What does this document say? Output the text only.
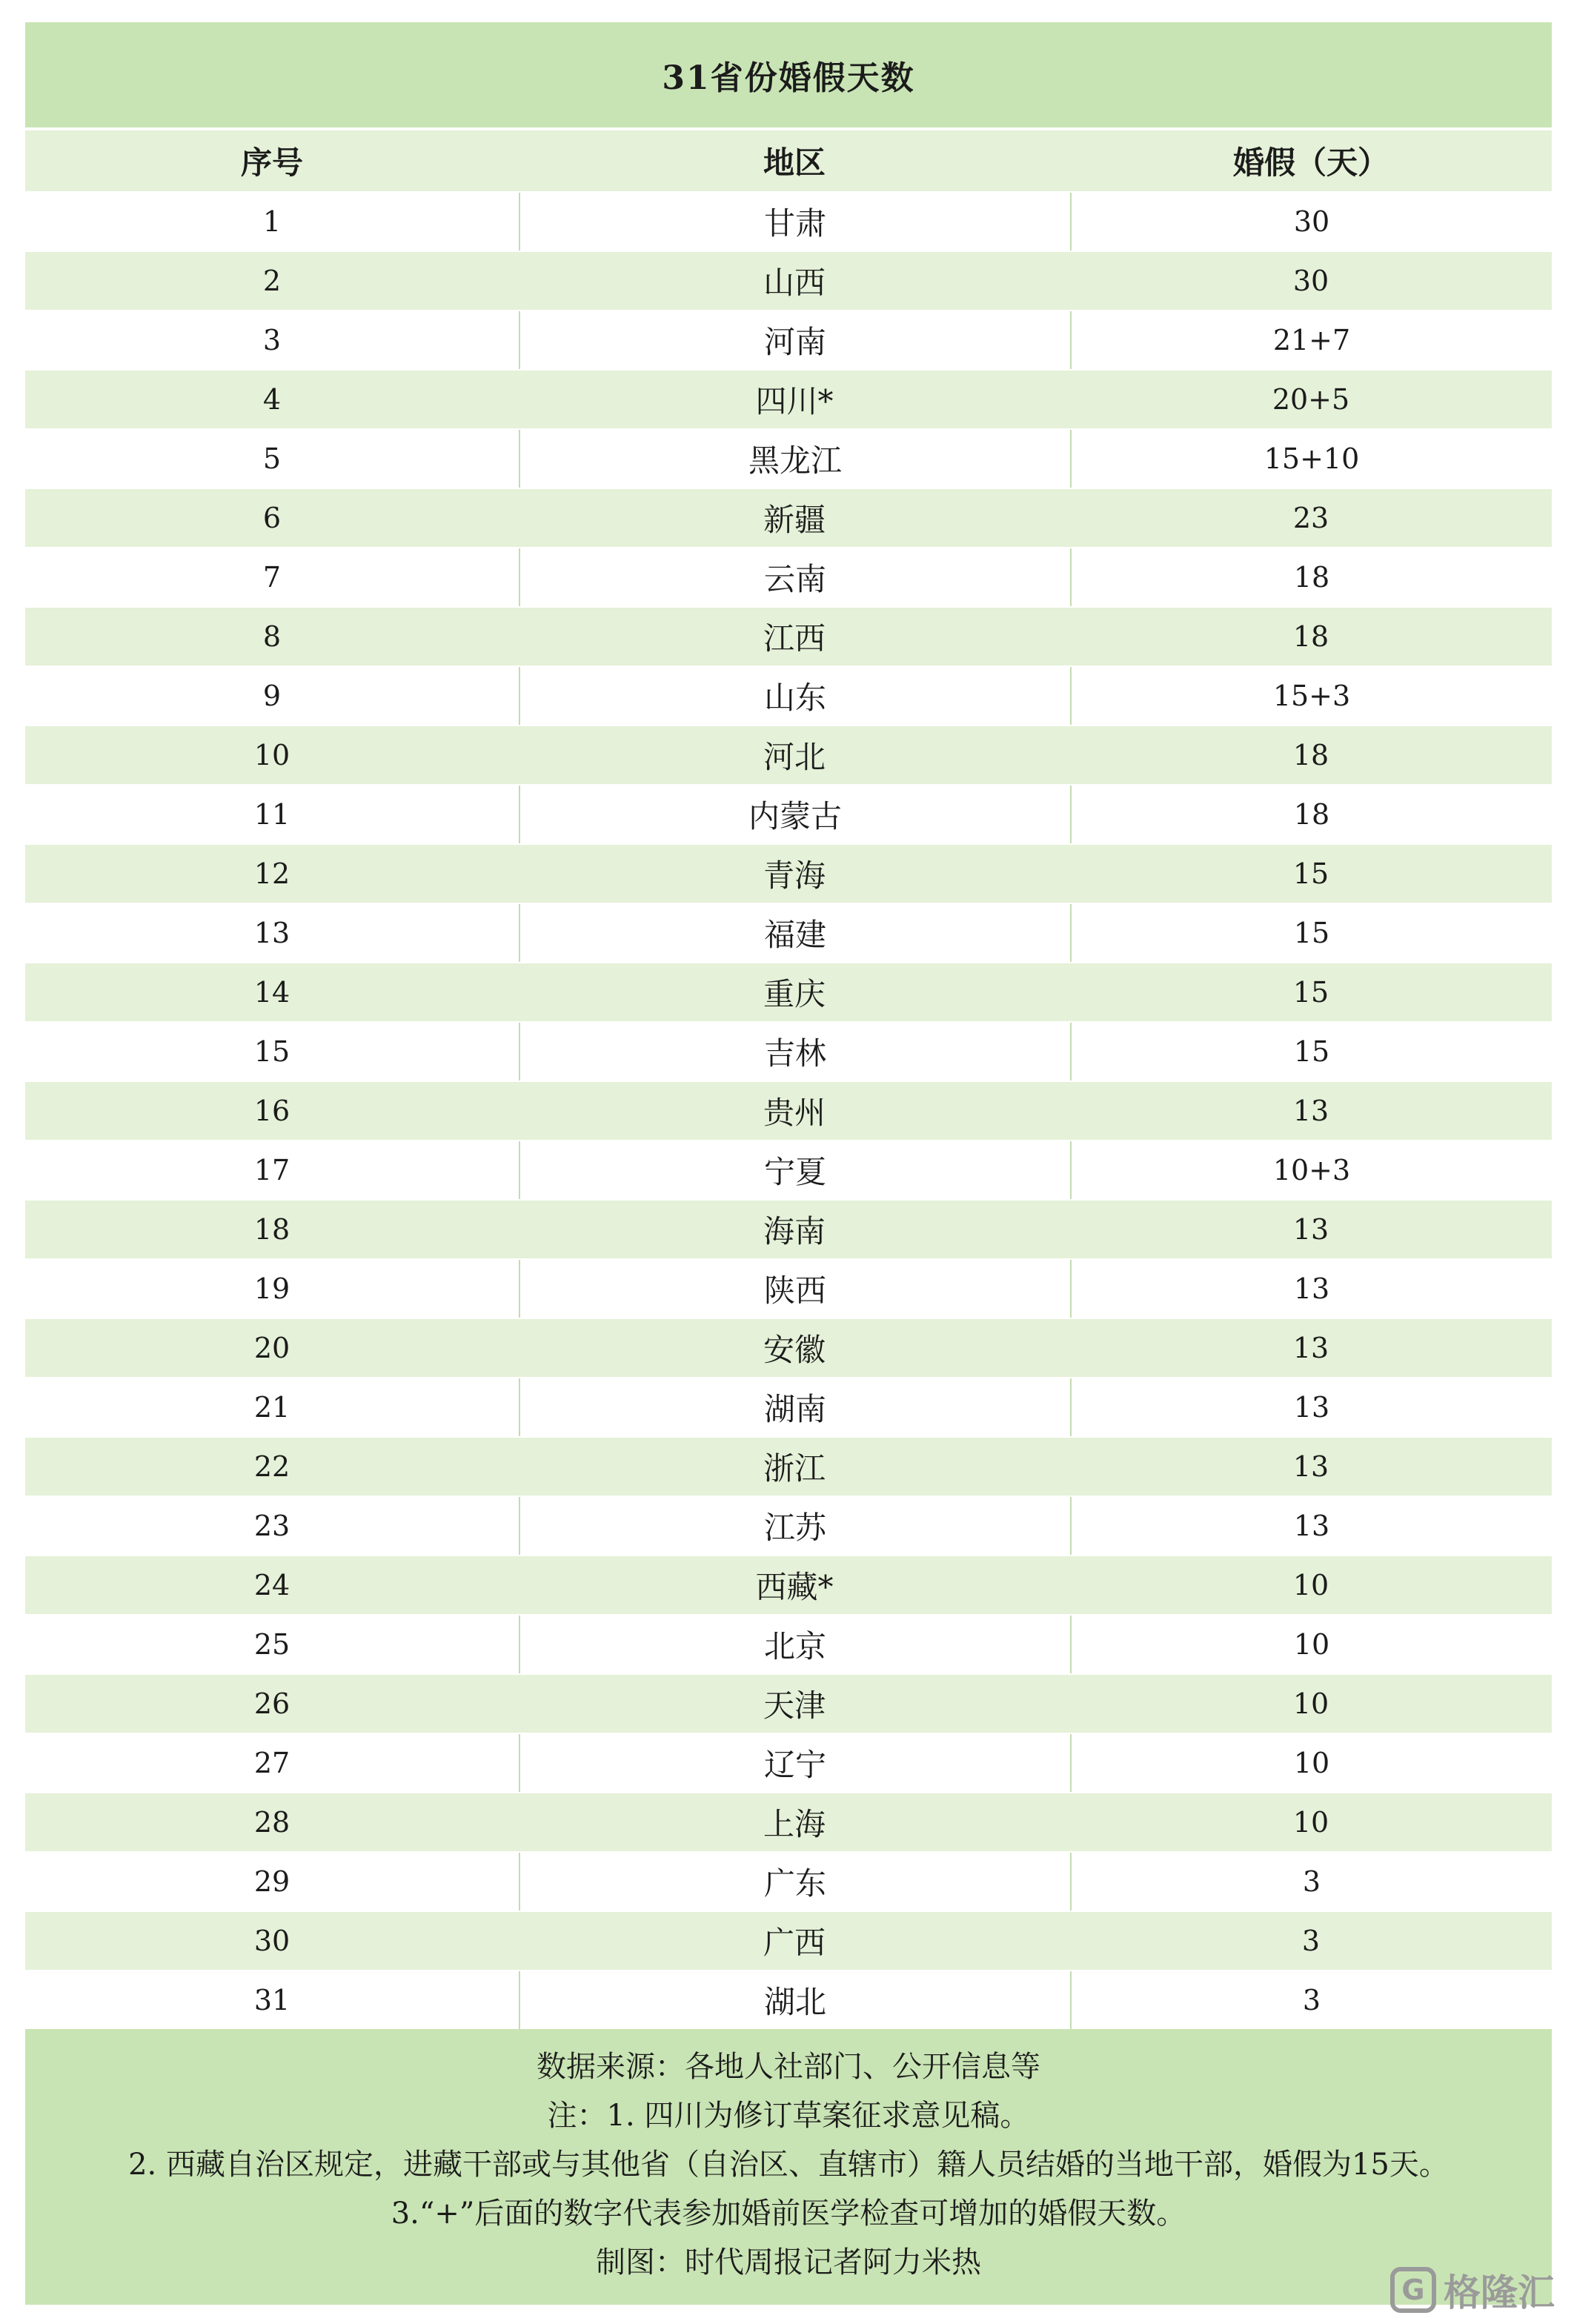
31省份婚假天数
序号	地区	婚假（天）
1	甘肃	30
2	山西	30
3	河南	21+7
4	四川*	20+5
5	黑龙江	15+10
6	新疆	23
7	云南	18
8	江西	18
9	山东	15+3
10	河北	18
11	内蒙古	18
12	青海	15
13	福建	15
14	重庆	15
15	吉林	15
16	贵州	13
17	宁夏	10+3
18	海南	13
19	陕西	13
20	安徽	13
21	湖南	13
22	浙江	13
23	江苏	13
24	西藏*	10
25	北京	10
26	天津	10
27	辽宁	10
28	上海	10
29	广东	3
30	广西	3
31	湖北	3
数据来源：各地人社部门、公开信息等
注：1. 四川为修订草案征求意见稿。
2. 西藏自治区规定，进藏干部或与其他省（自治区、直辖市）籍人员结婚的当地干部，婚假为15天。
3.“+”后面的数字代表参加婚前医学检查可增加的婚假天数。
制图：时代周报记者阿力米热
G 格隆汇
